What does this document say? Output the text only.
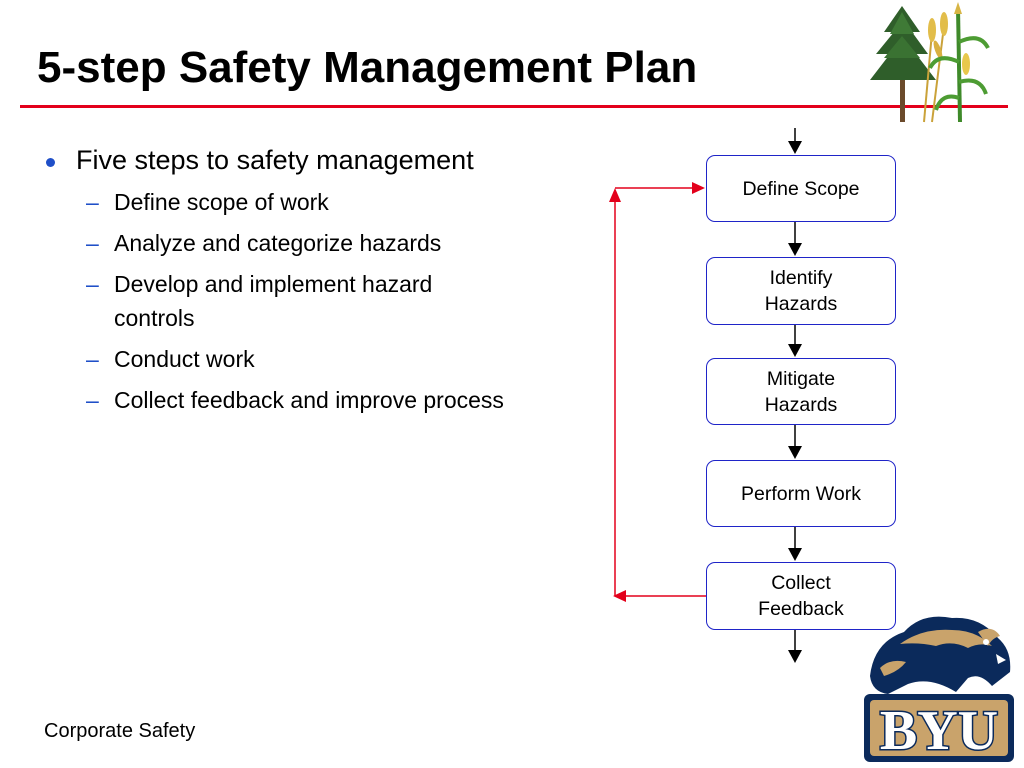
5-step Safety Management Plan
Five steps to safety management
– Define scope of work
– Analyze and categorize hazards
– Develop and implement hazard controls
– Conduct work
– Collect feedback and improve process
Define Scope
Identify
Hazards
Mitigate
Hazards
Perform Work
Collect
Feedback
Corporate Safety	BYU
